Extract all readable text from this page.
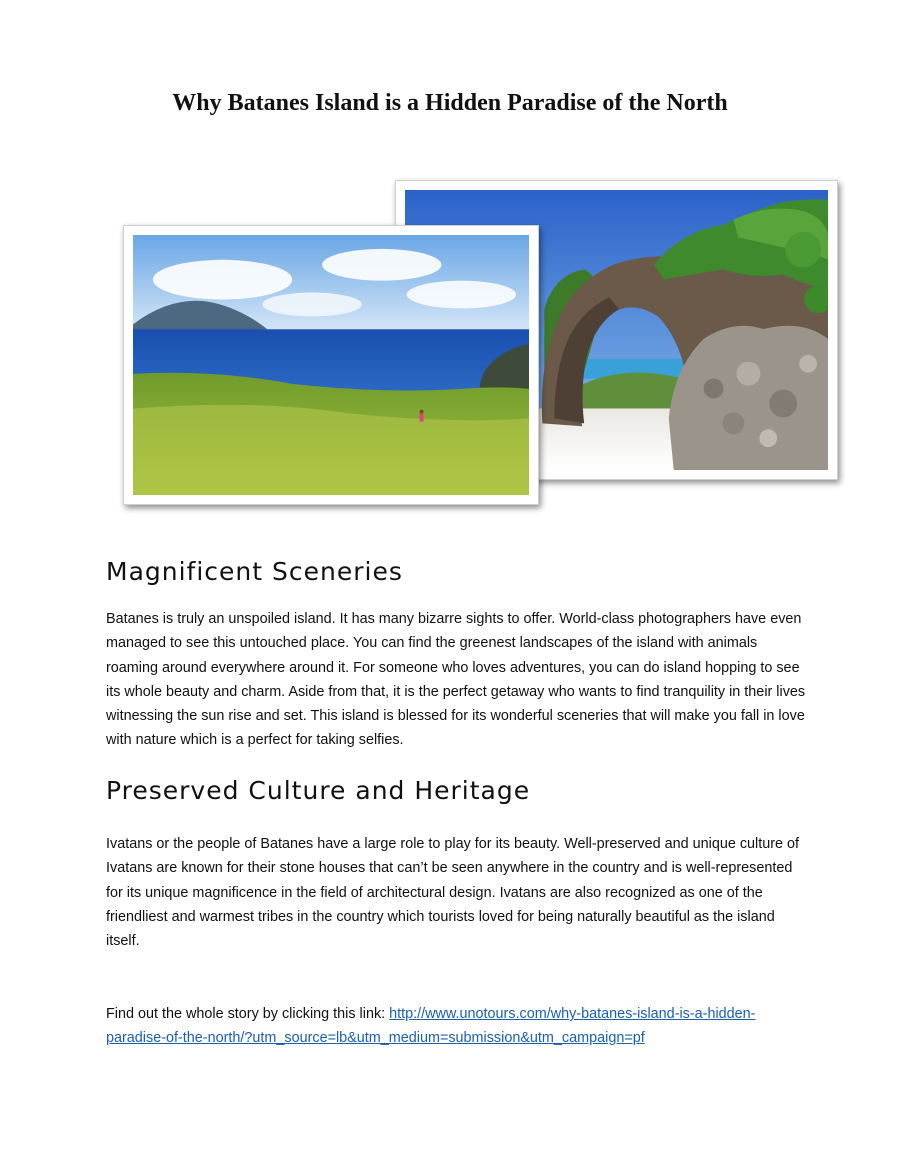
Why Batanes Island is a Hidden Paradise of the North
Magnificent Sceneries

Batanes is truly an unspoiled island. It has many bizarre sights to offer. World-class photographers have even managed to see this untouched place. You can find the greenest landscapes of the island with animals roaming around everywhere around it. For someone who loves adventures, you can do island hopping to see its whole beauty and charm. Aside from that, it is the perfect getaway who wants to find tranquility in their lives witnessing the sun rise and set. This island is blessed for its wonderful sceneries that will make you fall in love with nature which is a perfect for taking selfies.

Preserved Culture and Heritage

Ivatans or the people of Batanes have a large role to play for its beauty. Well-preserved and unique culture of Ivatans are known for their stone houses that can’t be seen anywhere in the country and is well-represented for its unique magnificence in the field of architectural design. Ivatans are also recognized as one of the friendliest and warmest tribes in the country which tourists loved for being naturally beautiful as the island itself.

Find out the whole story by clicking this link: http://www.unotours.com/why-batanes-island-is-a-hidden-paradise-of-the-north/?utm_source=lb&utm_medium=submission&utm_campaign=pf
